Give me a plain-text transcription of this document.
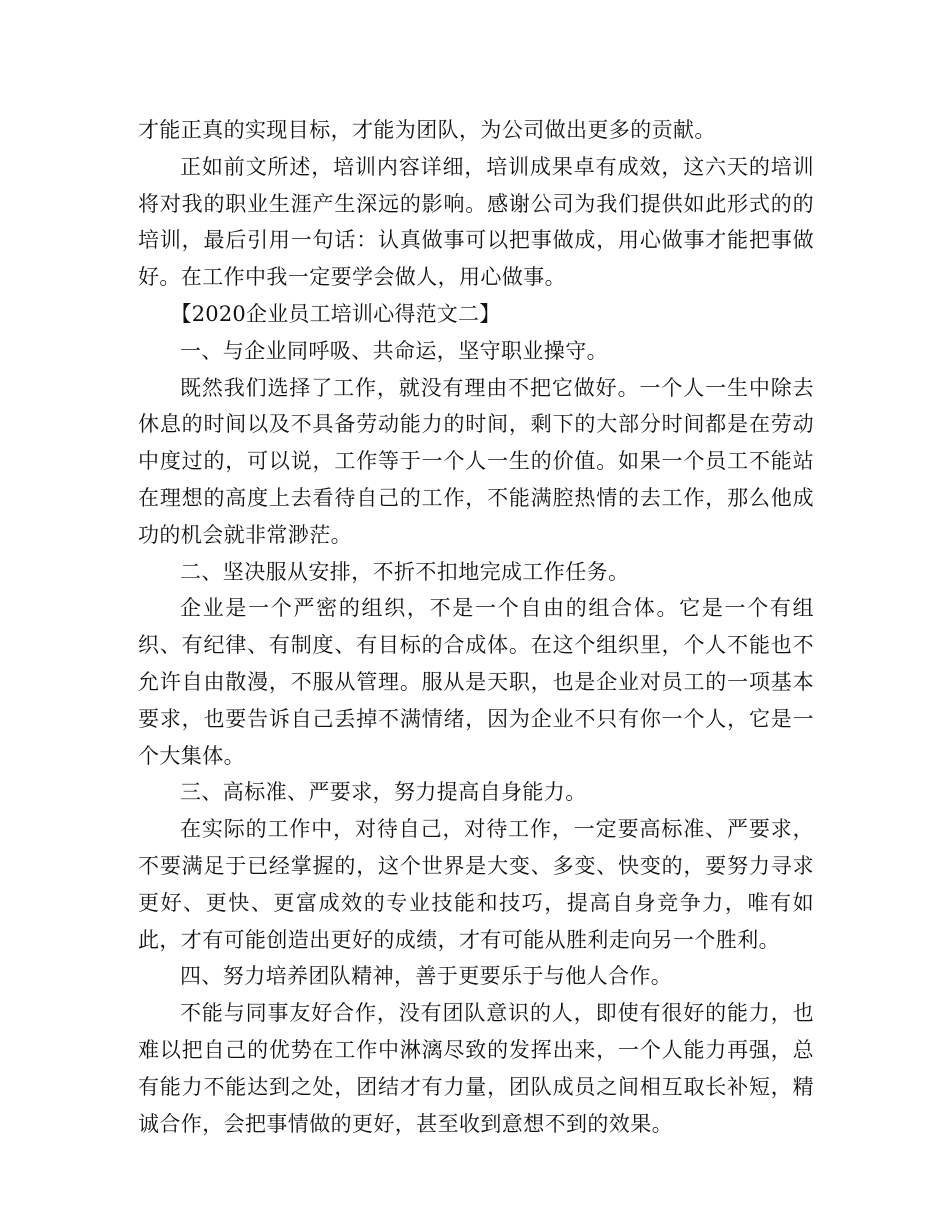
才能正真的实现目标，才能为团队，为公司做出更多的贡献。

正如前文所述，培训内容详细，培训成果卓有成效，这六天的培训将对我的职业生涯产生深远的影响。感谢公司为我们提供如此形式的的培训，最后引用一句话：认真做事可以把事做成，用心做事才能把事做好。在工作中我一定要学会做人，用心做事。

【2020企业员工培训心得范文二】

一、与企业同呼吸、共命运，坚守职业操守。

既然我们选择了工作，就没有理由不把它做好。一个人一生中除去休息的时间以及不具备劳动能力的时间，剩下的大部分时间都是在劳动中度过的，可以说，工作等于一个人一生的价值。如果一个员工不能站在理想的高度上去看待自己的工作，不能满腔热情的去工作，那么他成功的机会就非常渺茫。

二、坚决服从安排，不折不扣地完成工作任务。

企业是一个严密的组织，不是一个自由的组合体。它是一个有组织、有纪律、有制度、有目标的合成体。在这个组织里，个人不能也不允许自由散漫，不服从管理。服从是天职，也是企业对员工的一项基本要求，也要告诉自己丢掉不满情绪，因为企业不只有你一个人，它是一个大集体。

三、高标准、严要求，努力提高自身能力。

在实际的工作中，对待自己，对待工作，一定要高标准、严要求，不要满足于已经掌握的，这个世界是大变、多变、快变的，要努力寻求更好、更快、更富成效的专业技能和技巧，提高自身竞争力，唯有如此，才有可能创造出更好的成绩，才有可能从胜利走向另一个胜利。

四、努力培养团队精神，善于更要乐于与他人合作。

不能与同事友好合作，没有团队意识的人，即使有很好的能力，也难以把自己的优势在工作中淋漓尽致的发挥出来，一个人能力再强，总有能力不能达到之处，团结才有力量，团队成员之间相互取长补短，精诚合作，会把事情做的更好，甚至收到意想不到的效果。
